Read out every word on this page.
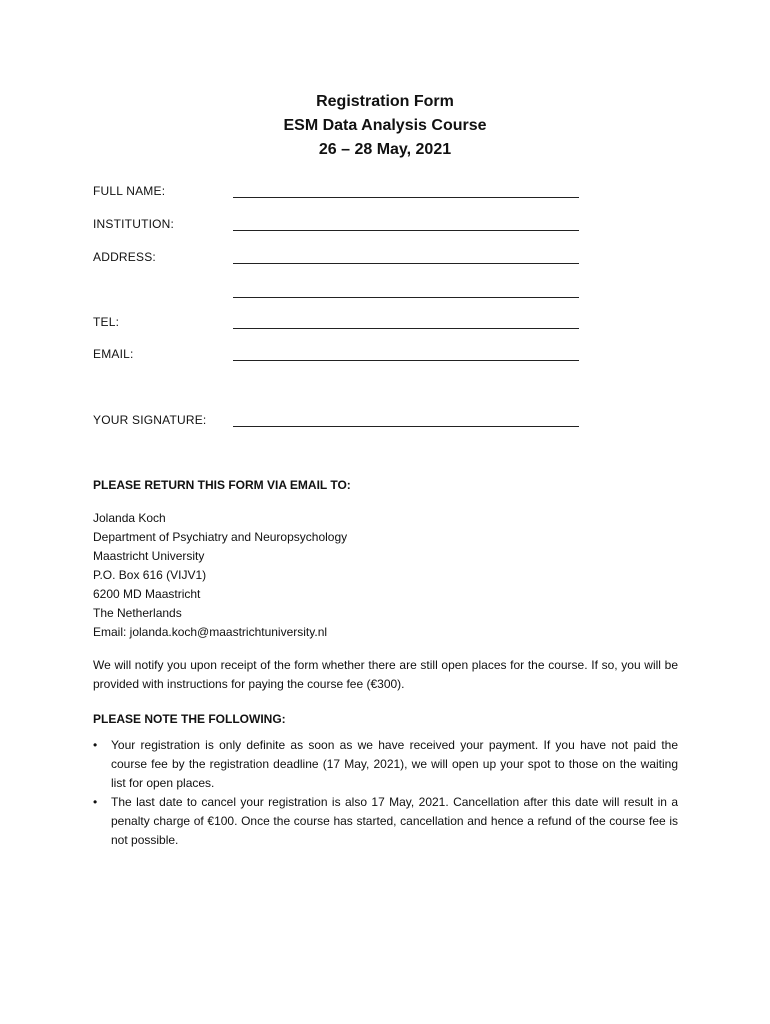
Registration Form

ESM Data Analysis Course

26 – 28 May, 2021

FULL NAME:
INSTITUTION:
ADDRESS:
TEL:
EMAIL:
YOUR SIGNATURE:
PLEASE RETURN THIS FORM VIA EMAIL TO:
Jolanda Koch
Department of Psychiatry and Neuropsychology
Maastricht University
P.O. Box 616 (VIJV1)
6200 MD Maastricht
The Netherlands
Email: jolanda.koch@maastrichtuniversity.nl
We will notify you upon receipt of the form whether there are still open places for the course. If so, you will be provided with instructions for paying the course fee (€300).
PLEASE NOTE THE FOLLOWING:
• Your registration is only definite as soon as we have received your payment. If you have not paid the course fee by the registration deadline (17 May, 2021), we will open up your spot to those on the waiting list for open places.
• The last date to cancel your registration is also 17 May, 2021. Cancellation after this date will result in a penalty charge of €100. Once the course has started, cancellation and hence a refund of the course fee is not possible.
